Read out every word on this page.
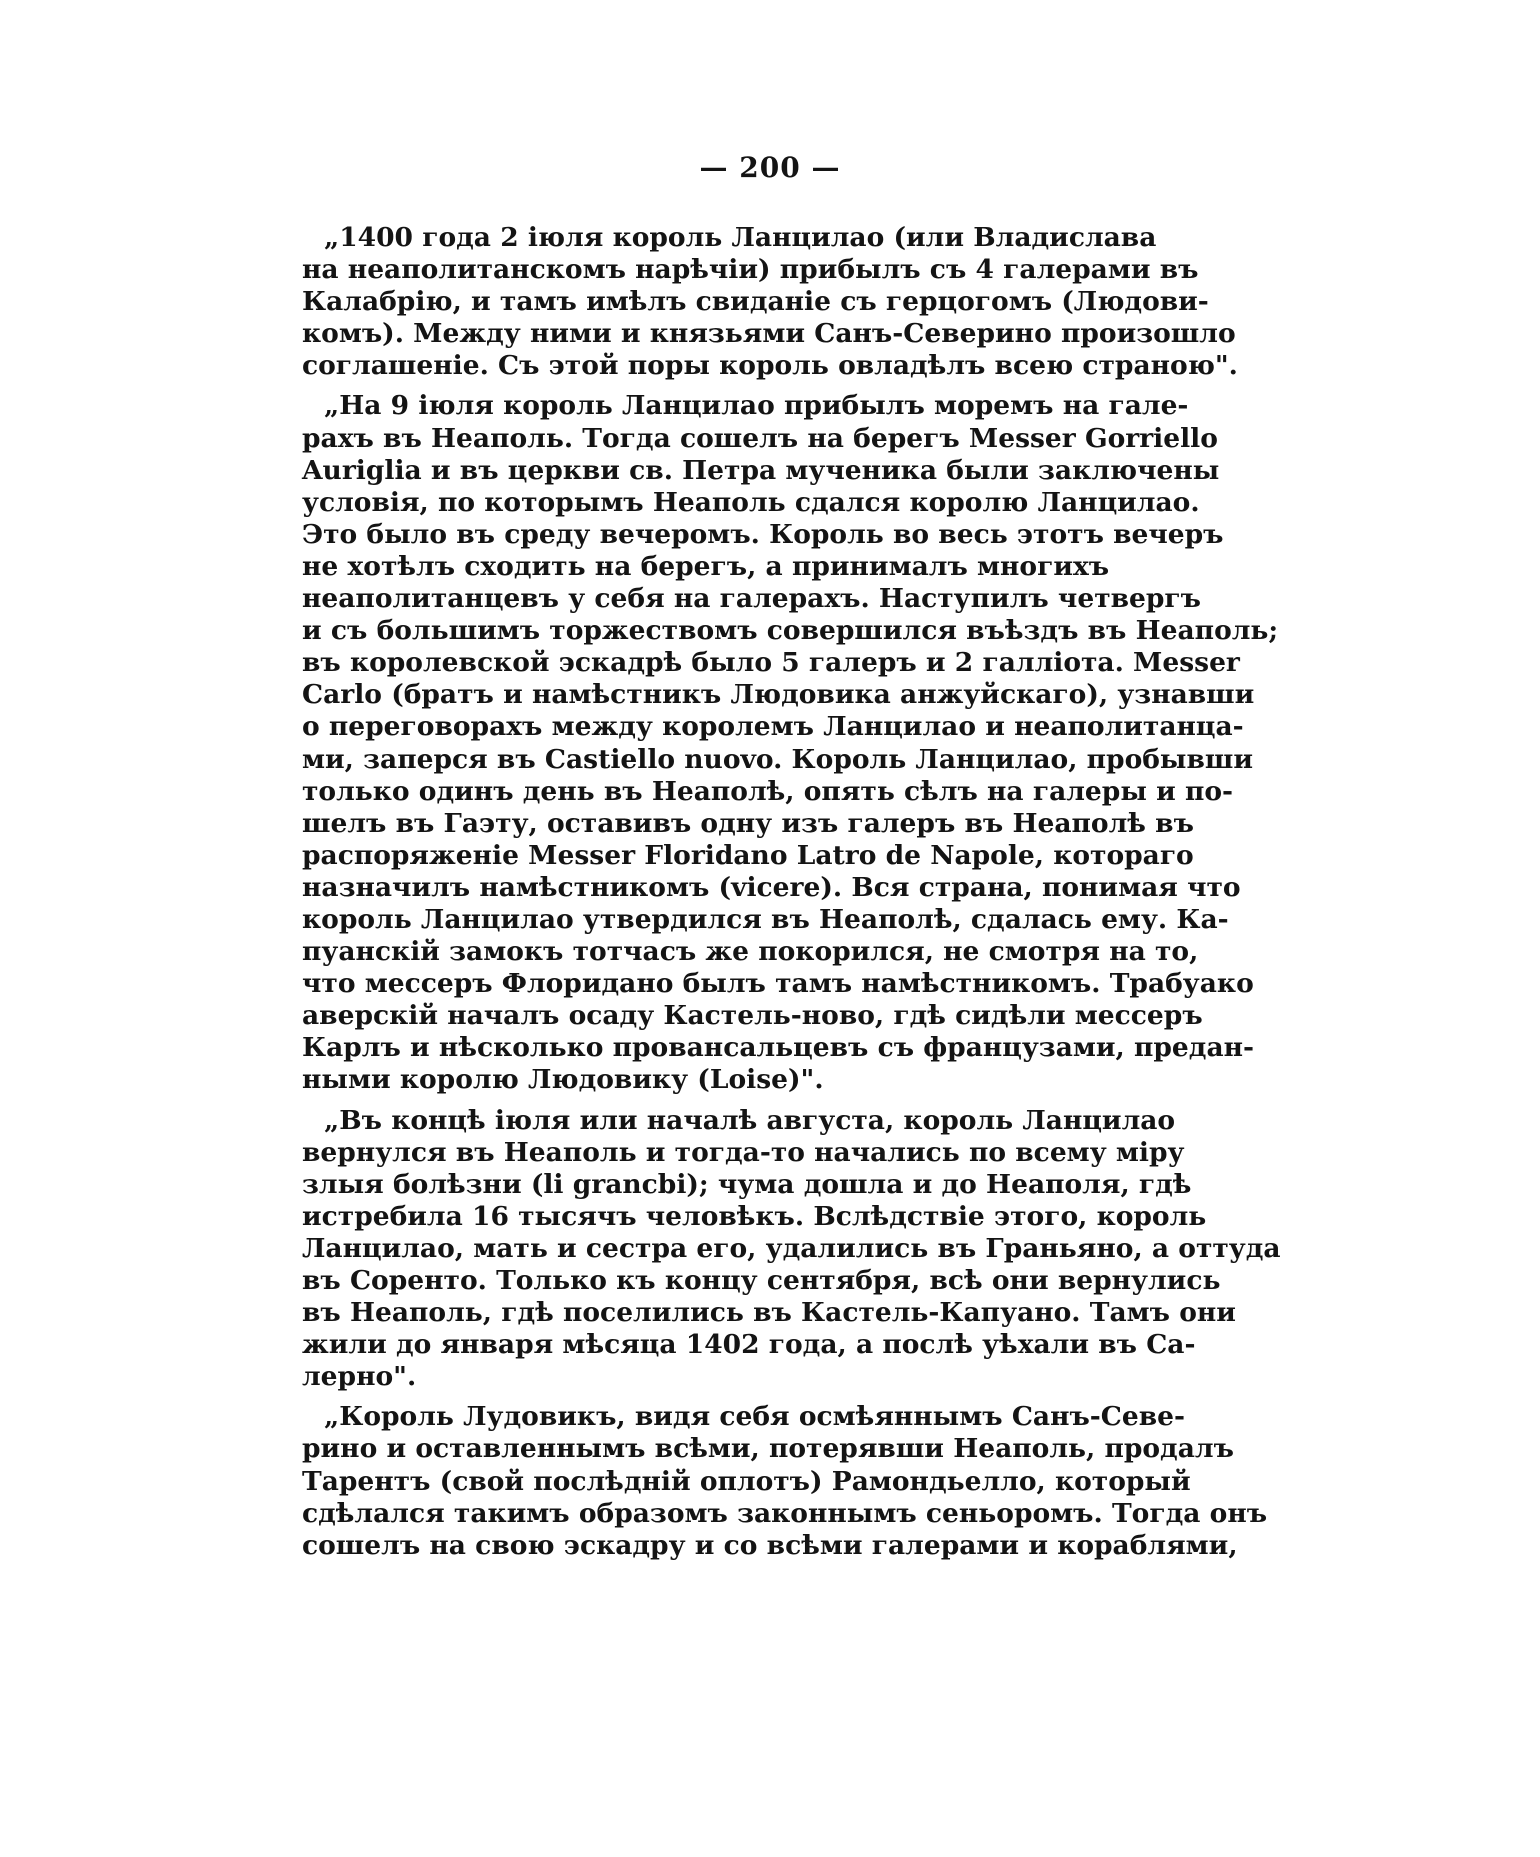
— 200 —
„1400 года 2 іюля король Ланцилао (или Владислава
на неаполитанскомъ нарѣчіи) прибылъ съ 4 галерами въ
Калабрію, и тамъ имѣлъ свиданіе съ герцогомъ (Людови-
комъ). Между ними и князьями Санъ-Северино произошло
соглашеніе. Съ этой поры король овладѣлъ всею страною".
„На 9 іюля король Ланцилао прибылъ моремъ на гале-
рахъ въ Неаполь. Тогда сошелъ на берегъ Messer Gorriello
Auriglia и въ церкви св. Петра мученика были заключены
условія, по которымъ Неаполь сдался королю Ланцилао.
Это было въ среду вечеромъ. Король во весь этотъ вечеръ
не хотѣлъ сходить на берегъ, а принималъ многихъ
неаполитанцевъ у себя на галерахъ. Наступилъ четвергъ
и съ большимъ торжествомъ совершился въѣздъ въ Неаполь;
въ королевской эскадрѣ было 5 галеръ и 2 галліота. Messer
Carlo (братъ и намѣстникъ Людовика анжуйскаго), узнавши
о переговорахъ между королемъ Ланцилао и неаполитанца-
ми, заперся въ Castiello nuovo. Король Ланцилао, пробывши
только одинъ день въ Неаполѣ, опять сѣлъ на галеры и по-
шелъ въ Гаэту, оставивъ одну изъ галеръ въ Неаполѣ въ
распоряженіе Messer Floridano Latro de Napole, которaго
назначилъ намѣстникомъ (vicere). Вся страна, понимая что
король Ланцилао утвердился въ Неаполѣ, сдалась ему. Ка-
пуанскій замокъ тотчасъ же покорился, не смотря на то,
что мессеръ Флоридано былъ тамъ намѣстникомъ. Трабуако
аверскій началъ осаду Кастель-ново, гдѣ сидѣли мессеръ
Карлъ и нѣсколько провансальцевъ съ французами, предан-
ными королю Людовику (Loise)".
„Въ концѣ іюля или началѣ августа, король Ланцилао
вернулся въ Неаполь и тогда-то начались по всему міру
злыя болѣзни (li grancbi); чума дошла и до Неаполя, гдѣ
истребила 16 тысячъ человѣкъ. Вслѣдствіе этого, король
Ланцилао, мать и сестра его, удалились въ Граньяно, а оттуда
въ Соренто. Только къ концу сентября, всѣ они вернулись
въ Неаполь, гдѣ поселились въ Кастель-Капуано. Тамъ они
жили до января мѣсяца 1402 года, а послѣ уѣхали въ Са-
лерно".
„Король Лудовикъ, видя себя осмѣяннымъ Санъ-Севе-
рино и оставленнымъ всѣми, потерявши Неаполь, продалъ
Тарентъ (свой послѣдній оплотъ) Рамондьелло, который
сдѣлался такимъ образомъ законнымъ сеньоромъ. Тогда онъ
сошелъ на свою эскадру и со всѣми галерами и кораблями,
